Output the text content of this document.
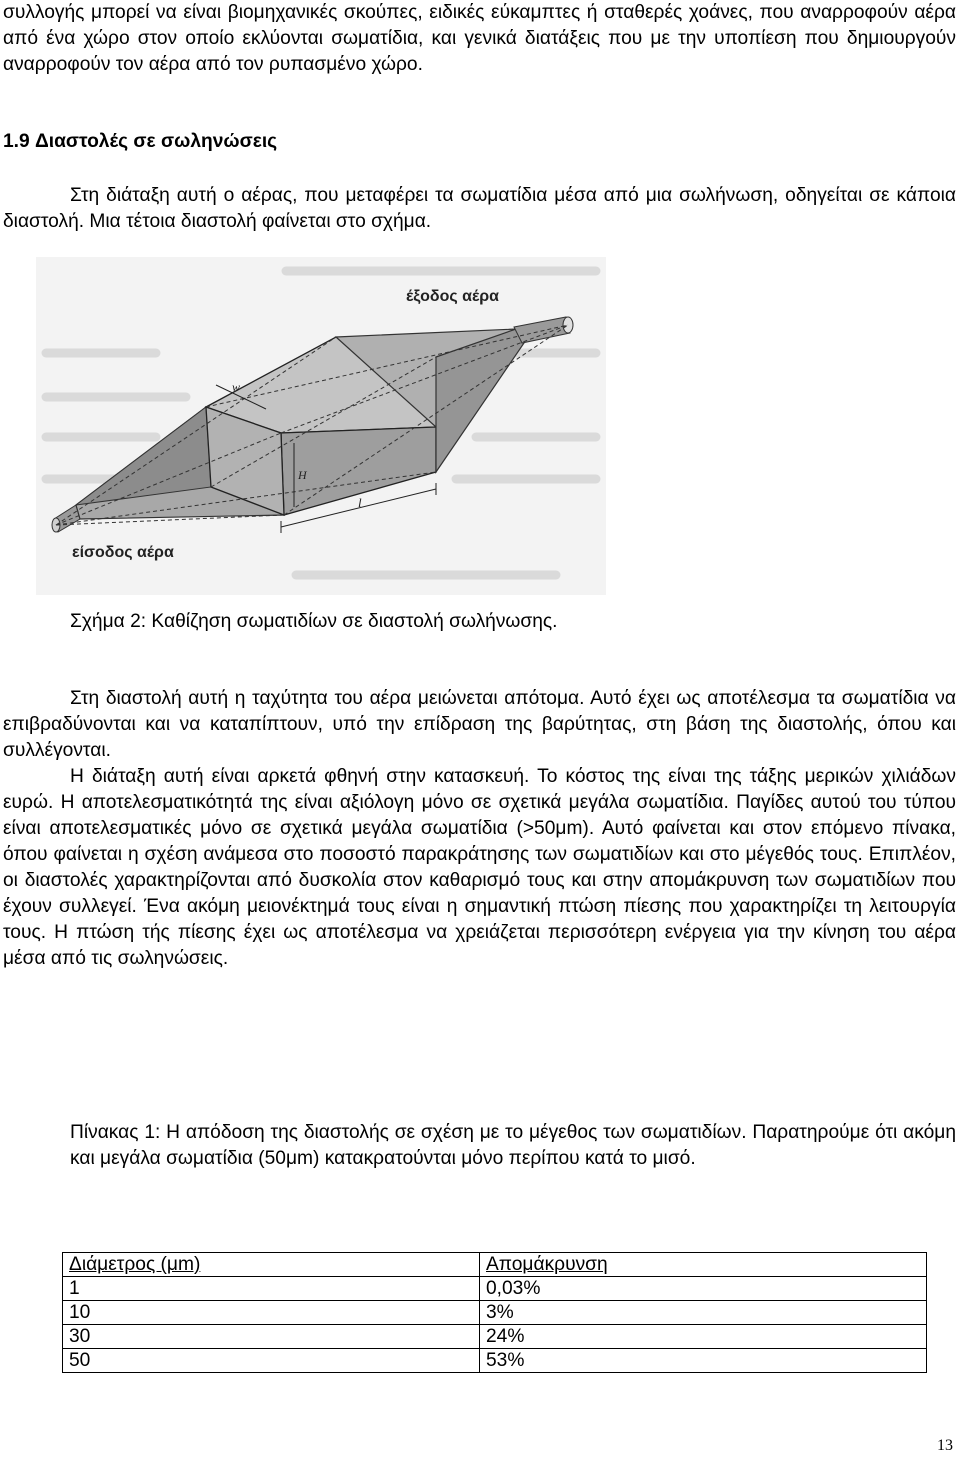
συλλογής μπορεί να είναι βιομηχανικές σκούπες, ειδικές εύκαμπτες ή σταθερές χοάνες, που αναρροφούν αέρα από ένα χώρο στον οποίο εκλύονται σωματίδια, και γενικά διατάξεις που με την υποπίεση που δημιουργούν αναρροφούν τον αέρα από τον ρυπασμένο χώρο.

1.9 Διαστολές σε σωληνώσεις

Στη διάταξη αυτή ο αέρας, που μεταφέρει τα σωματίδια μέσα από μια σωλήνωση, οδηγείται σε κάποια διαστολή. Μια τέτοια διαστολή φαίνεται στο σχήμα.

l
w
H
έξοδος αέρα
είσοδος αέρα

Σχήμα 2: Καθίζηση σωματιδίων σε διαστολή σωλήνωσης.

Στη διαστολή αυτή η ταχύτητα του αέρα μειώνεται απότομα. Αυτό έχει ως αποτέλεσμα τα σωματίδια να επιβραδύνονται και να καταπίπτουν, υπό την επίδραση της βαρύτητας, στη βάση της διαστολής, όπου και συλλέγονται.

Η διάταξη αυτή είναι αρκετά φθηνή στην κατασκευή. Το κόστος της είναι της τάξης μερικών χιλιάδων ευρώ. Η αποτελεσματικότητά της είναι αξιόλογη μόνο σε σχετικά μεγάλα σωματίδια. Παγίδες αυτού του τύπου είναι αποτελεσματικές μόνο σε σχετικά μεγάλα σωματίδια (>50μm). Αυτό φαίνεται και στον επόμενο πίνακα, όπου φαίνεται η σχέση ανάμεσα στο ποσοστό παρακράτησης των σωματιδίων και στο μέγεθός τους. Επιπλέον, οι διαστολές χαρακτηρίζονται από δυσκολία στον καθαρισμό τους και στην απομάκρυνση των σωματιδίων που έχουν συλλεγεί. Ένα ακόμη μειονέκτημά τους είναι η σημαντική πτώση πίεσης που χαρακτηρίζει τη λειτουργία τους. Η πτώση τής πίεσης έχει ως αποτέλεσμα να χρειάζεται περισσότερη ενέργεια για την κίνηση του αέρα μέσα από τις σωληνώσεις.

Πίνακας 1: Η απόδοση της διαστολής σε σχέση με το μέγεθος των σωματιδίων. Παρατηρούμε ότι ακόμη και μεγάλα σωματίδια (50μm) κατακρατούνται μόνο περίπου κατά το μισό.

Διάμετρος (μm)	Απομάκρυνση
1	0,03%
10	3%
30	24%
50	53%
13
